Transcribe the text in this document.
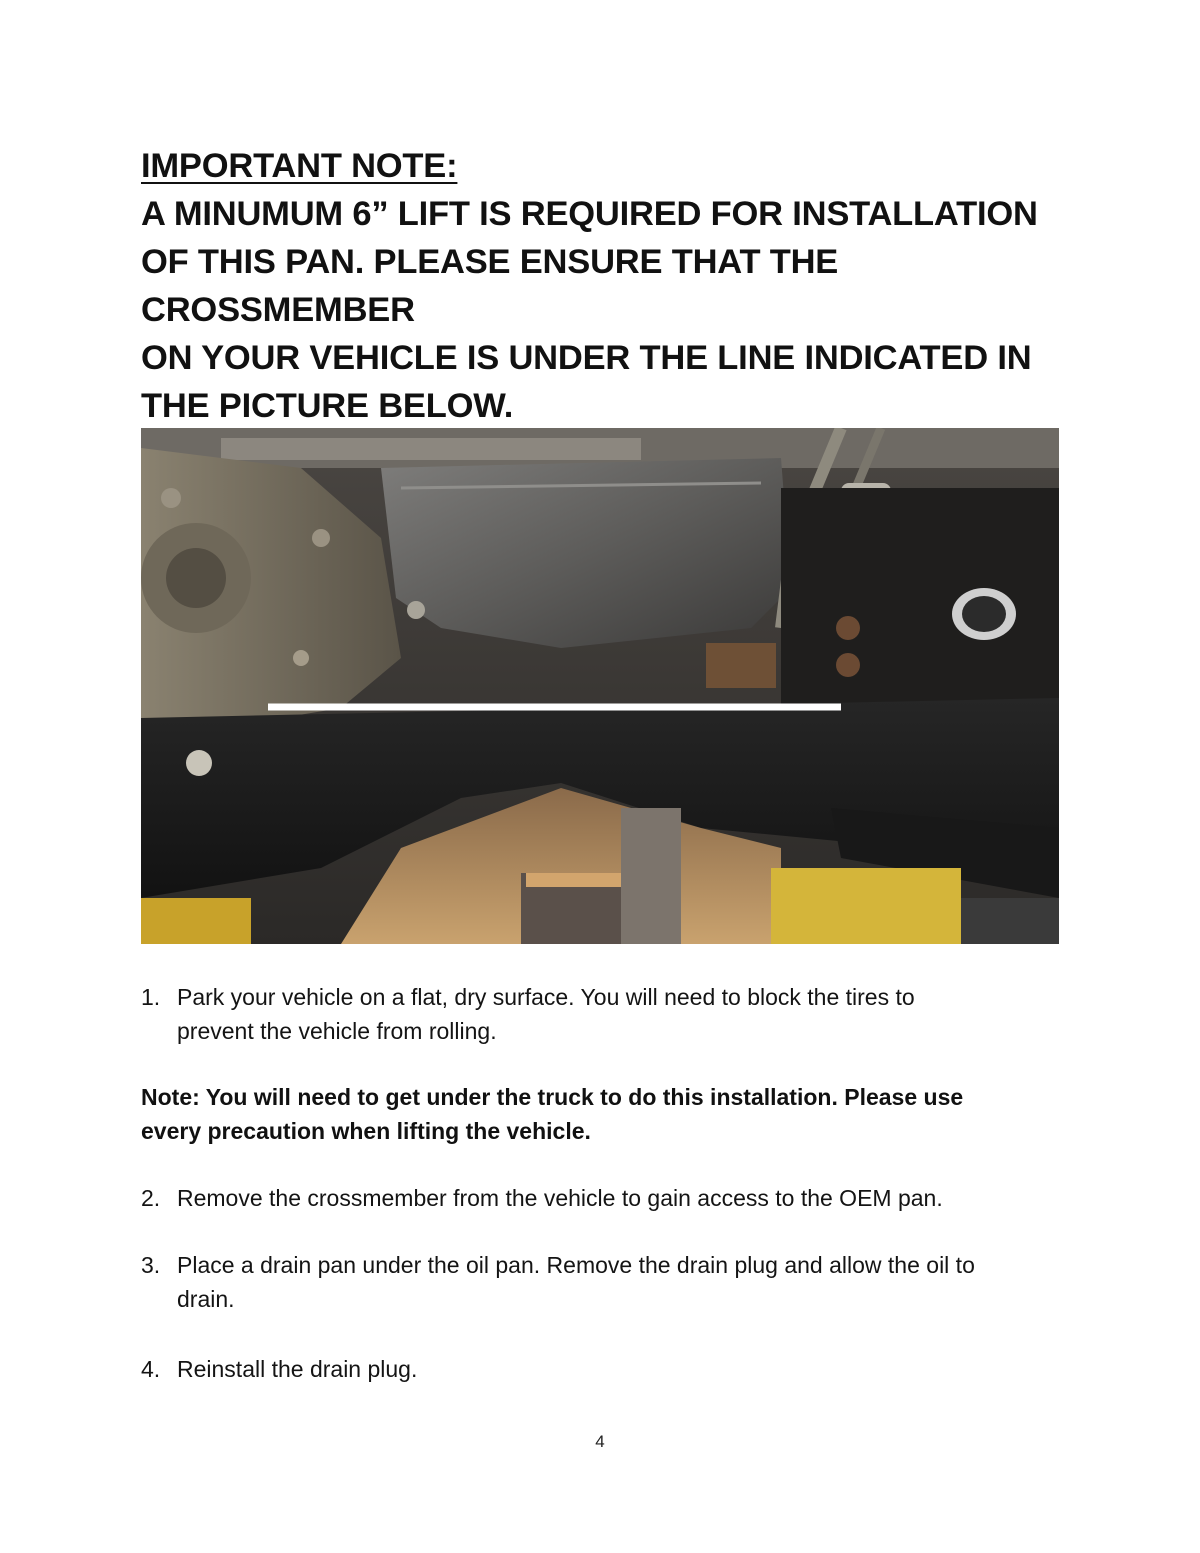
IMPORTANT NOTE:
A MINUMUM 6” LIFT IS REQUIRED FOR INSTALLATION
OF THIS PAN. PLEASE ENSURE THAT THE CROSSMEMBER
ON YOUR VEHICLE IS UNDER THE LINE INDICATED IN
THE PICTURE BELOW.
1. Park your vehicle on a flat, dry surface. You will need to block the tires to
prevent the vehicle from rolling.
Note: You will need to get under the truck to do this installation. Please use
every precaution when lifting the vehicle.
2. Remove the crossmember from the vehicle to gain access to the OEM pan.
3. Place a drain pan under the oil pan. Remove the drain plug and allow the oil to
drain.
4. Reinstall the drain plug.
4
